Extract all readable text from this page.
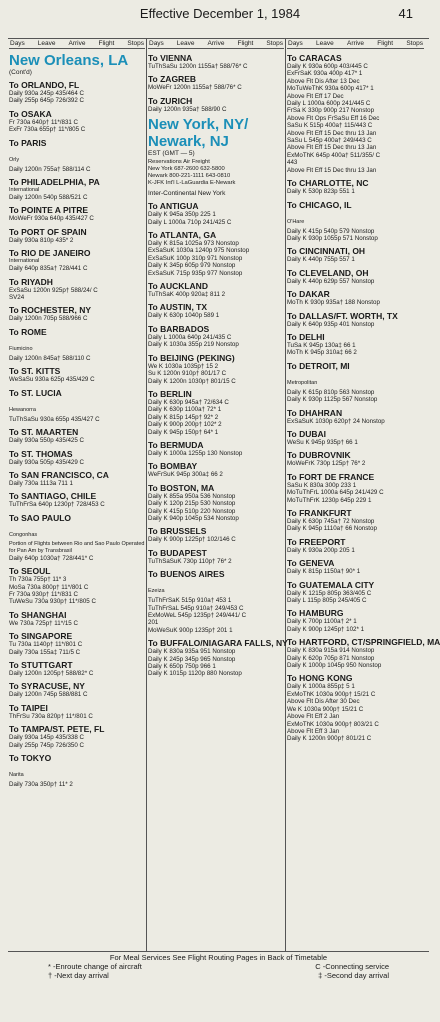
Effective December 1, 1984	41
Days Leave Arrive Flight Stops
New Orleans, LA
(Cont'd)
To ORLANDO, FL
Daily 930a 245p 435/464 C
Daily 255p 645p 726/392 C
To OSAKA
Fr 730a 640p† 11*/831 C
ExFr 730a 655p† 11*/805 C
To PARIS
Orly
Daily 1200n 755a† 588/114 C
To PHILADELPHIA, PA
International
Daily 1200n 540p 588/521 C
To POINTE A PITRE
MoWeFr 930a 640p 435/427 C
To PORT OF SPAIN
Daily 930a 810p 435* 2
To RIO DE JANEIRO
International
Daily 640p 835a† 728/441 C
To RIYADH
ExSaSu 1200n 925p† 588/24/ C
SV24
To ROCHESTER, NY
Daily 1200n 705p 588/966 C
To ROME
Fiumicino
Daily 1200n 845a† 588/110 C
To ST. KITTS
WeSaSu 930a 625p 435/429 C
To ST. LUCIA
Hewanorra
TuThSaSu 930a 655p 435/427 C
To ST. MAARTEN
Daily 930a 550p 435/425 C
To ST. THOMAS
Daily 930a 505p 435/429 C
To SAN FRANCISCO, CA
Daily 730a 1113a 711 1
To SANTIAGO, CHILE
TuThFrSa 640p 1230p† 728/453 C
To SAO PAULO
Congonhas
Portion of Flights between Rio and Sao Paulo Operated for Pan Am by Transbrasil
Daily 640p 1030a† 728/441* C
To SEOUL
Th 730a 755p† 11* 3
MoSa 730a 800p† 11*/801 C
Fr 730a 930p† 11*/831 C
TuWeSu 730a 930p† 11*/805 C
To SHANGHAI
We 730a 725p† 11*/15 C
To SINGAPORE
Tu 730a 1140p† 11*/801 C
Daily 730a 155a‡ 711/5 C
To STUTTGART
Daily 1200n 1205p† 588/82* C
To SYRACUSE, NY
Daily 1200n 745p 588/881 C
To TAIPEI
ThFrSu 730a 820p† 11*/801 C
To TAMPA/ST. PETE, FL
Daily 930a 145p 435/338 C
Daily 255p 745p 726/350 C
To TOKYO
Narita
Daily 730a 350p† 11* 2
Days Leave Arrive Flight Stops
To VIENNA
TuThSaSu 1200n 1155a† 588/76* C
To ZAGREB
MoWeFr 1200n 1155a† 588/76* C
To ZURICH
Daily 1200n 935a† 588/90 C
New York, NY/ Newark, NJ
EST (GMT — 5)
Reservations Air Freight
New York 687-2600 632-5800
Newark 800-221-1111 643-0810
K-JFK Int'l L-LaGuardia E-Newark
Inter-Continental New York
To ANTIGUA
Daily K 945a 350p 225 1
Daily L 1000a 710p 241/425 C
To ATLANTA, GA
Daily K 815a 1025a 973 Nonstop
ExSaSuK 1030a 1240p 975 Nonstop
ExSaSuK 100p 310p 971 Nonstop
Daily K 345p 605p 979 Nonstop
ExSaSuK 715p 935p 977 Nonstop
To AUCKLAND
TuThSaK 400p 920a‡ 811 2
To AUSTIN, TX
Daily K 630p 1040p 589 1
To BARBADOS
Daily L 1000a 640p 241/435 C
Daily K 1030a 355p 219 Nonstop
To BEIJING (PEKING)
We K 1030a 1035p† 15 2
Su K 1200n 910p† 801/17 C
Daily K 1200n 1030p† 801/15 C
To BERLIN
Daily K 630p 945a† 72/634 C
Daily K 630p 1100a† 72* 1
Daily K 815p 145p† 92* 2
Daily K 900p 200p† 102* 2
Daily K 945p 150p† 64* 1
To BERMUDA
Daily K 1000a 1255p 130 Nonstop
To BOMBAY
WeFrSuK 945p 300a‡ 66 2
To BOSTON, MA
Daily K 855a 950a 536 Nonstop
Daily K 120p 215p 530 Nonstop
Daily K 415p 510p 220 Nonstop
Daily K 940p 1045p 534 Nonstop
To BRUSSELS
Daily K 900p 1225p† 102/146 C
To BUDAPEST
TuThSaSuK 730p 110p† 76* 2
To BUENOS AIRES
Ezeiza
TuThFrSaK 515p 910a† 453 1
TuThFrSaL 545p 910a† 249/453 C
ExMoWeL 545p 1235p† 249/441/ C
201
MoWeSuK 900p 1235p† 201 1
To BUFFALO/NIAGARA FALLS, NY
Daily K 830a 935a 951 Nonstop
Daily K 245p 345p 965 Nonstop
Daily K 650p 750p 966 1
Daily K 1015p 1120p 880 Nonstop
Days Leave Arrive Flight Stops
To CARACAS
Daily K 930a 600p 403/445 C
ExFrSaK 930a 400p 417* 1
Above Flt Dis After 13 Dec
MoTuWeThK 930a 600p 417* 1
Above Flt Eff 17 Dec
Daily L 1000a 600p 241/445 C
FrSa K 330p 900p 217 Nonstop
Above Flt Ops FrSaSu Eff 16 Dec
SaSu K 515p 400a† 115/443 C
Above Flt Eff 15 Dec thru 13 Jan
SaSu L 545p 400a† 249/443 C
Above Flt Eff 15 Dec thru 13 Jan
ExMoThK 645p 400a† 511/355/ C
443
Above Flt Eff 15 Dec thru 13 Jan
To CHARLOTTE, NC
Daily K 530p 823p 551 1
To CHICAGO, IL
O'Hare
Daily K 415p 540p 579 Nonstop
Daily K 930p 1055p 571 Nonstop
To CINCINNATI, OH
Daily K 440p 755p 557 1
To CLEVELAND, OH
Daily K 440p 629p 557 Nonstop
To DAKAR
MoTh K 930p 935a† 188 Nonstop
To DALLAS/FT. WORTH, TX
Daily K 640p 935p 401 Nonstop
To DELHI
TuSa K 945p 130a‡ 66 1
MoTh K 945p 310a‡ 66 2
To DETROIT, MI
Metropolitan
Daily K 615p 810p 563 Nonstop
Daily K 930p 1125p 567 Nonstop
To DHAHRAN
ExSaSuK 1030p 620p† 24 Nonstop
To DUBAI
WeSu K 945p 935p† 66 1
To DUBROVNIK
MoWeFrK 730p 125p† 76* 2
To FORT DE FRANCE
SaSu K 830a 300p 233 1
MoTuThFrL 1000a 645p 241/429 C
MoTuThFrK 1230p 645p 229 1
To FRANKFURT
Daily K 630p 745a† 72 Nonstop
Daily K 945p 1110a† 66 Nonstop
To FREEPORT
Daily K 930a 200p 205 1
To GENEVA
Daily K 815p 1150a† 90* 1
To GUATEMALA CITY
Daily K 1215p 805p 363/405 C
Daily L 115p 805p 245/405 C
To HAMBURG
Daily K 700p 1100a† 2* 1
Daily K 900p 1245p† 102* 1
To HARTFORD, CT/SPRINGFIELD, MA
Daily K 830a 915a 914 Nonstop
Daily K 620p 705p 871 Nonstop
Daily K 1000p 1045p 950 Nonstop
To HONG KONG
Daily K 1000a 855p‡ 5 1
ExMoThK 1030a 900p† 15/21 C
Above Flt Dis After 30 Dec
We K 1030a 900p† 15/21 C
Above Flt Eff 2 Jan
ExMoThK 1030a 900p† 803/21 C
Above Flt Eff 3 Jan
Daily K 1200n 900p† 801/21 C
For Meal Services See Flight Routing Pages in Back of Timetable
* -Enroute change of aircraft	C -Connecting service
† -Next day arrival	‡ -Second day arrival
